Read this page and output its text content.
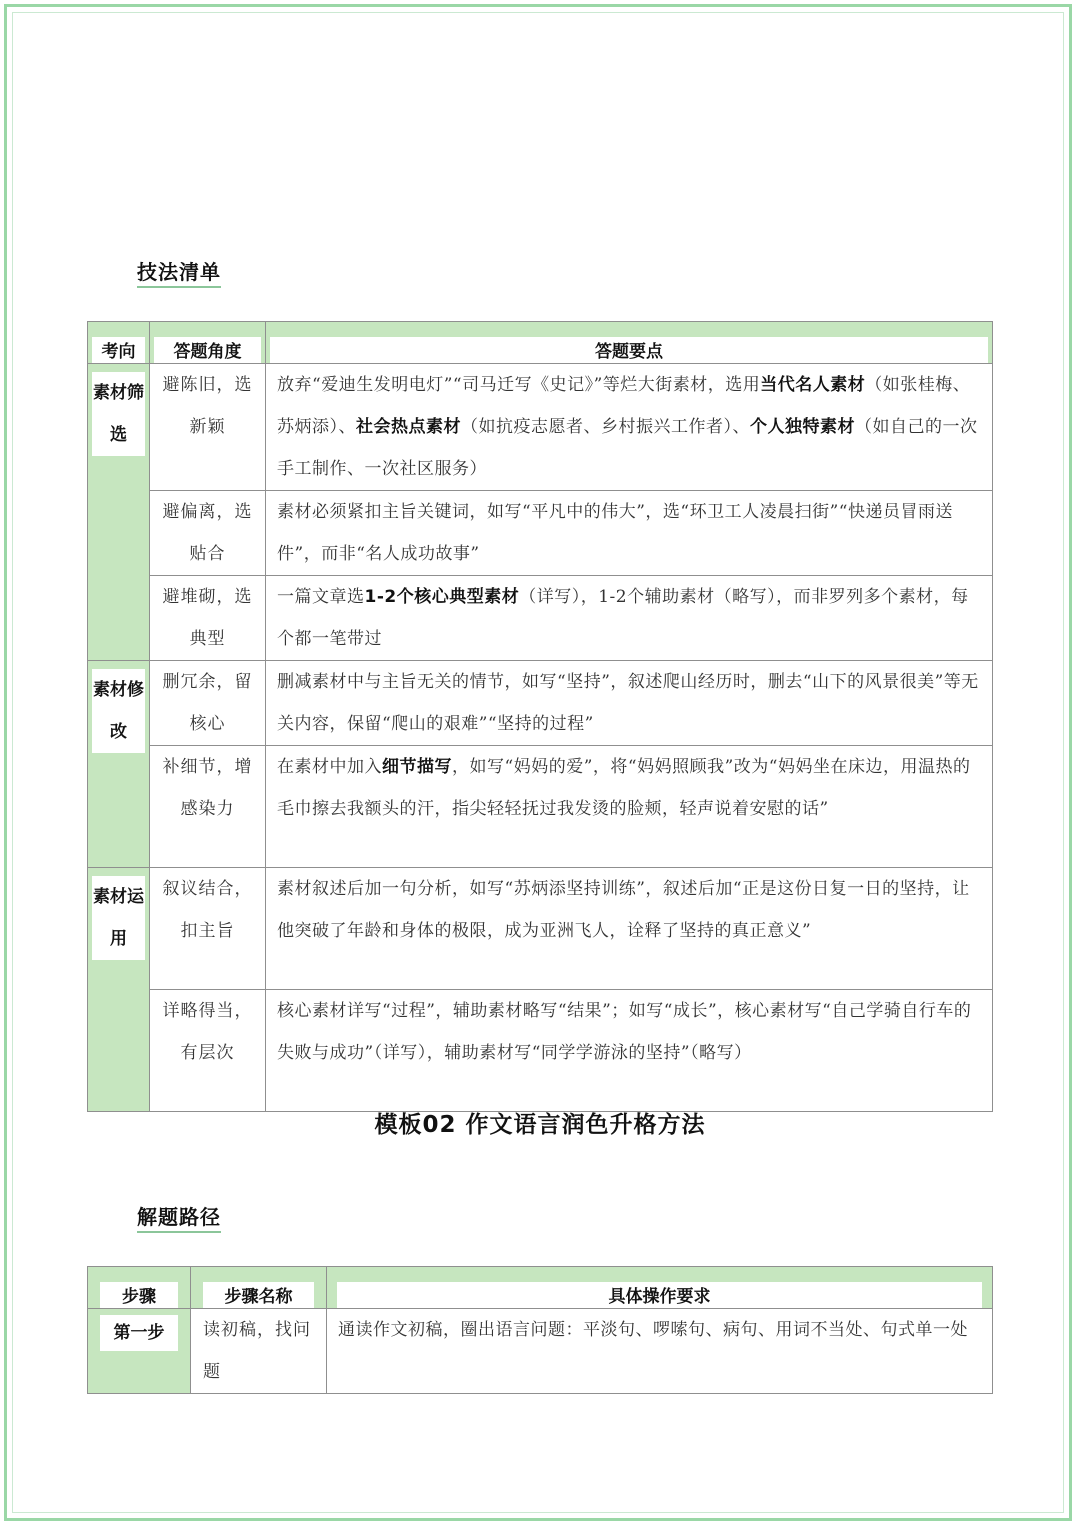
技法清单
考向	答题角度	答题要点

素材筛选	避陈旧，选新颖	放弃“爱迪生发明电灯”“司马迁写《史记》”等烂大街素材，选用当代名人素材（如张桂梅、苏炳添）、社会热点素材（如抗疫志愿者、乡村振兴工作者）、个人独特素材（如自己的一次手工制作、一次社区服务）
	避偏离，选贴合	素材必须紧扣主旨关键词，如写“平凡中的伟大”，选“环卫工人凌晨扫街”“快递员冒雨送件”，而非“名人成功故事”
	避堆砌，选典型	一篇文章选1-2个核心典型素材（详写），1-2个辅助素材（略写），而非罗列多个素材，每个都一笔带过

素材修改	删冗余，留核心	删减素材中与主旨无关的情节，如写“坚持”，叙述爬山经历时，删去“山下的风景很美”等无关内容，保留“爬山的艰难”“坚持的过程”
	补细节，增感染力	在素材中加入细节描写，如写“妈妈的爱”，将“妈妈照顾我”改为“妈妈坐在床边，用温热的毛巾擦去我额头的汗，指尖轻轻抚过我发烫的脸颊，轻声说着安慰的话”

素材运用	叙议结合，扣主旨	素材叙述后加一句分析，如写“苏炳添坚持训练”，叙述后加“正是这份日复一日的坚持，让他突破了年龄和身体的极限，成为亚洲飞人，诠释了坚持的真正意义”
	详略得当，有层次	核心素材详写“过程”，辅助素材略写“结果”；如写“成长”，核心素材写“自己学骑自行车的失败与成功”（详写），辅助素材写“同学学游泳的坚持”（略写）
模板02 作文语言润色升格方法
解题路径
步骤	步骤名称	具体操作要求

第一步	读初稿，找问题	通读作文初稿，圈出语言问题：平淡句、啰嗦句、病句、用词不当处、句式单一处
